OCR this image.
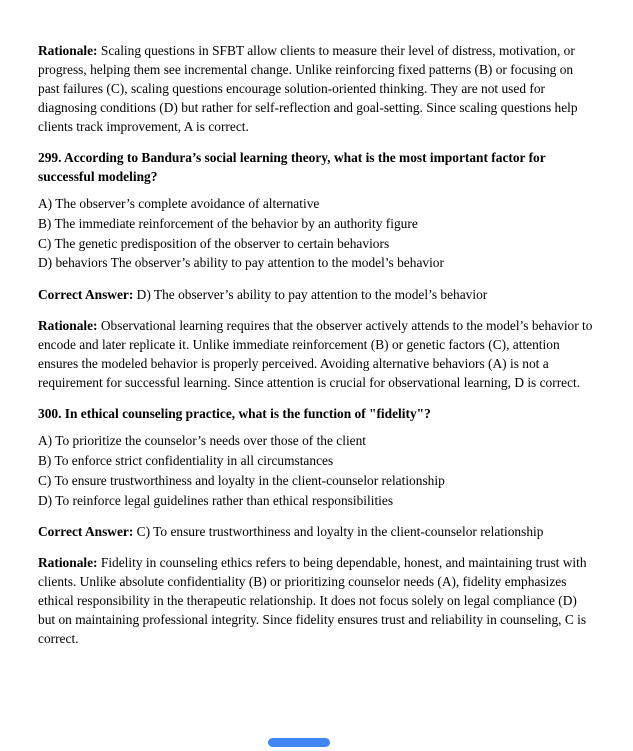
Rationale: Scaling questions in SFBT allow clients to measure their level of distress, motivation, or progress, helping them see incremental change. Unlike reinforcing fixed patterns (B) or focusing on past failures (C), scaling questions encourage solution-oriented thinking. They are not used for diagnosing conditions (D) but rather for self-reflection and goal-setting. Since scaling questions help clients track improvement, A is correct.

299. According to Bandura’s social learning theory, what is the most important factor for successful modeling?

A) The observer’s complete avoidance of alternative
B) The immediate reinforcement of the behavior by an authority figure
C) The genetic predisposition of the observer to certain behaviors
D) behaviors The observer’s ability to pay attention to the model’s behavior

Correct Answer: D) The observer’s ability to pay attention to the model’s behavior

Rationale: Observational learning requires that the observer actively attends to the model’s behavior to encode and later replicate it. Unlike immediate reinforcement (B) or genetic factors (C), attention ensures the modeled behavior is properly perceived. Avoiding alternative behaviors (A) is not a requirement for successful learning. Since attention is crucial for observational learning, D is correct.

300. In ethical counseling practice, what is the function of "fidelity"?

A) To prioritize the counselor’s needs over those of the client
B) To enforce strict confidentiality in all circumstances
C) To ensure trustworthiness and loyalty in the client-counselor relationship
D) To reinforce legal guidelines rather than ethical responsibilities

Correct Answer: C) To ensure trustworthiness and loyalty in the client-counselor relationship

Rationale: Fidelity in counseling ethics refers to being dependable, honest, and maintaining trust with clients. Unlike absolute confidentiality (B) or prioritizing counselor needs (A), fidelity emphasizes ethical responsibility in the therapeutic relationship. It does not focus solely on legal compliance (D) but on maintaining professional integrity. Since fidelity ensures trust and reliability in counseling, C is correct.
